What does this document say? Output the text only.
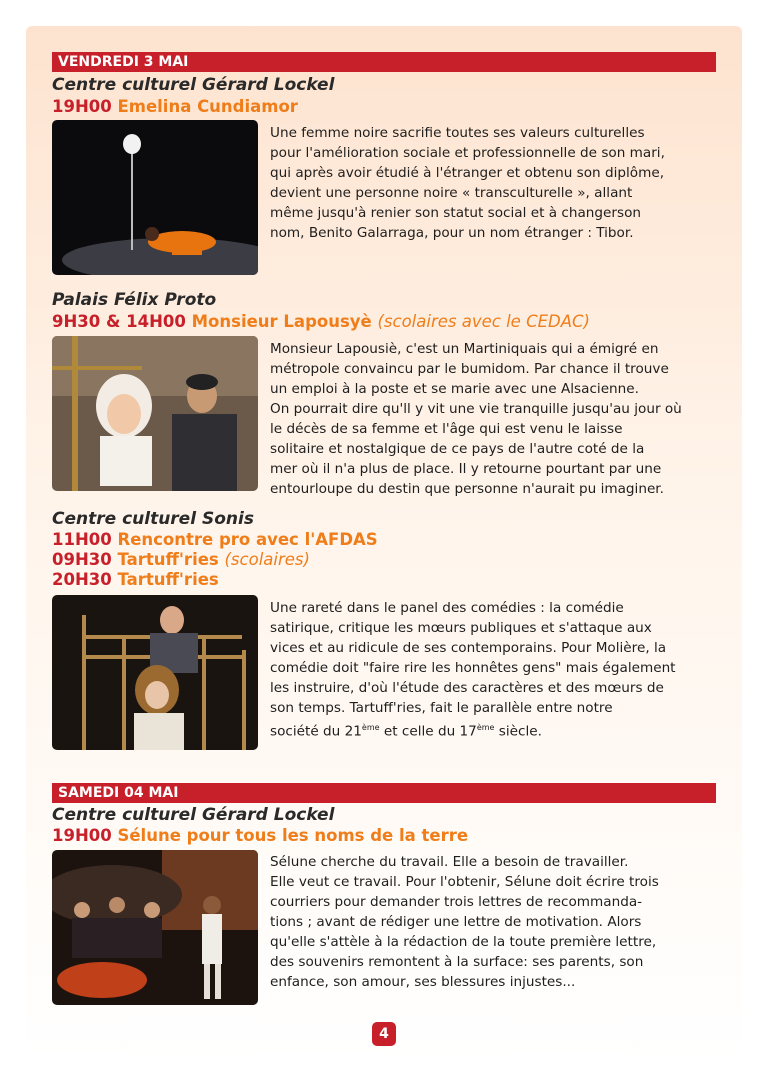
VENDREDI 3 MAI
Centre culturel Gérard Lockel
19H00 Emelina Cundiamor

Une femme noire sacrifie toutes ses valeurs culturelles

pour l'amélioration sociale et professionnelle de son mari,

qui après avoir étudié à l'étranger et obtenu son diplôme,

devient une personne noire « transculturelle », allant

même jusqu'à renier son statut social et à changerson

nom, Benito Galarraga, pour un nom étranger : Tibor.

Palais Félix Proto
9H30 & 14H00 Monsieur Lapousyè (scolaires avec le CEDAC)

Monsieur Lapousiè, c'est un Martiniquais qui a émigré en

métropole convaincu par le bumidom. Par chance il trouve

un emploi à la poste et se marie avec une Alsacienne.

On pourrait dire qu'll y vit une vie tranquille jusqu'au jour où

le décès de sa femme et l'âge qui est venu le laisse

solitaire et nostalgique de ce pays de l'autre coté de la

mer où il n'a plus de place. Il y retourne pourtant par une

entourloupe du destin que personne n'aurait pu imaginer.

Centre culturel Sonis
11H00 Rencontre pro avec l'AFDAS
09H30 Tartuff'ries (scolaires)
20H30 Tartuff'ries

Une rareté dans le panel des comédies : la comédie

satirique, critique les mœurs publiques et s'attaque aux

vices et au ridicule de ses contemporains. Pour Molière, la

comédie doit "faire rire les honnêtes gens" mais également

les instruire, d'où l'étude des caractères et des mœurs de

son temps. Tartuff'ries, fait le parallèle entre notre

société du 21ème et celle du 17ème siècle.

SAMEDI 04 MAI
Centre culturel Gérard Lockel
19H00 Sélune pour tous les noms de la terre

Sélune cherche du travail. Elle a besoin de travailler.

Elle veut ce travail. Pour l'obtenir, Sélune doit écrire trois

courriers pour demander trois lettres de recommanda-

tions ; avant de rédiger une lettre de motivation. Alors

qu'elle s'attèle à la rédaction de la toute première lettre,

des souvenirs remontent à la surface: ses parents, son

enfance, son amour, ses blessures injustes...

4
